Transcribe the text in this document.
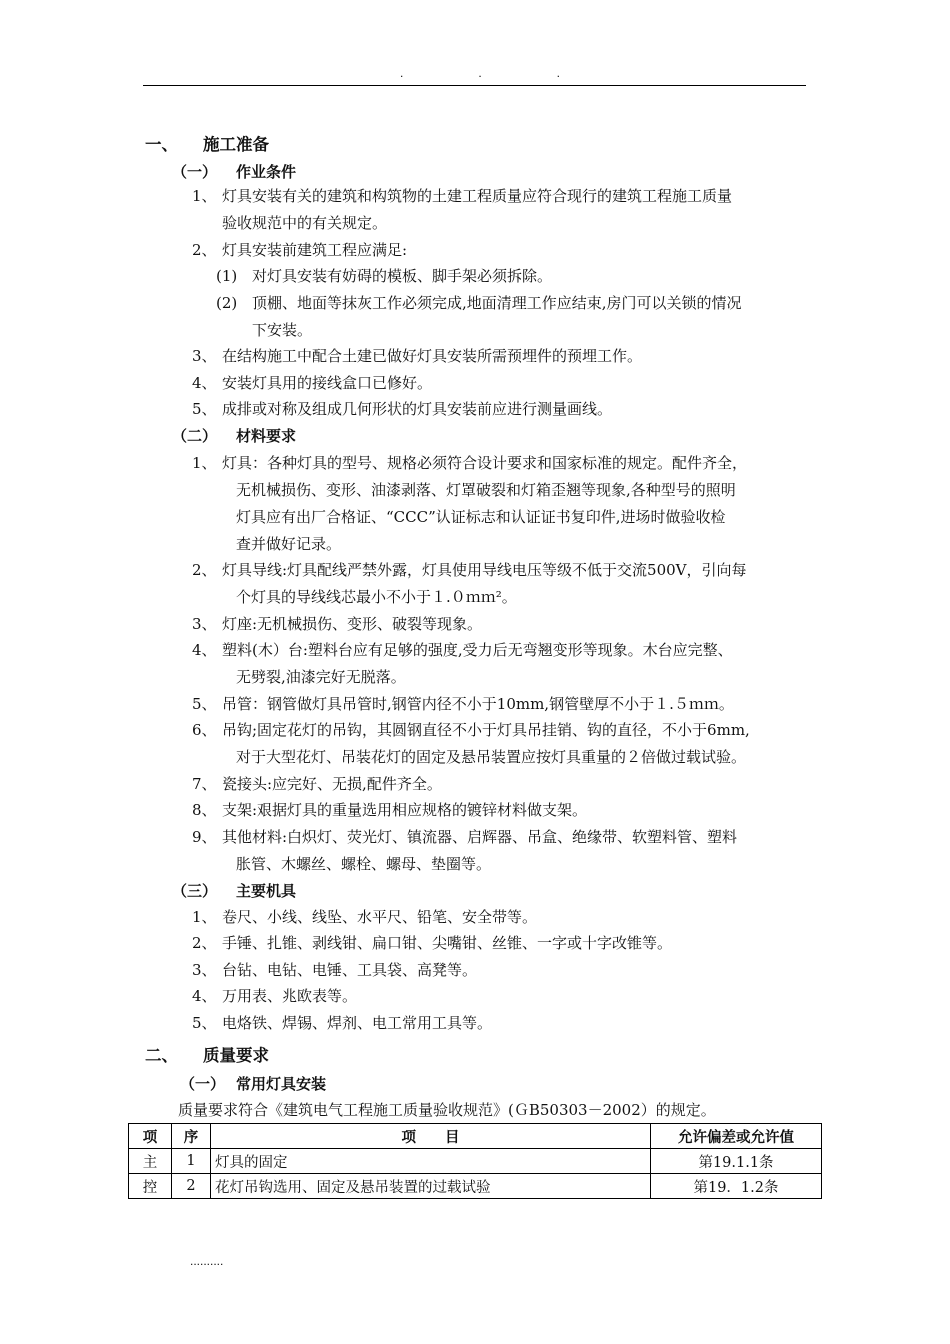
.	.	.
一、 施工准备
（一） 作业条件
1、 灯具安装有关的建筑和构筑物的土建工程质量应符合现行的建筑工程施工质量
验收规范中的有关规定。
2、 灯具安装前建筑工程应满足:
(1) 对灯具安装有妨碍的模板、脚手架必须拆除。
(2) 顶棚、地面等抹灰工作必须完成,地面清理工作应结束,房门可以关锁的情况
下安装。
3、 在结构施工中配合土建已做好灯具安装所需预埋件的预埋工作。
4、 安装灯具用的接线盒口已修好。
5、 成排或对称及组成几何形状的灯具安装前应进行测量画线。
（二） 材料要求
1、 灯具：各种灯具的型号、规格必须符合设计要求和国家标准的规定。配件齐全，
无机械损伤、变形、油漆剥落、灯罩破裂和灯箱歪翘等现象,各种型号的照明
灯具应有出厂合格证、“CCC”认证标志和认证证书复印件,进场时做验收检
查并做好记录。
2、 灯具导线:灯具配线严禁外露，灯具使用导线电压等级不低于交流500V，引向每
个灯具的导线线芯最小不小于１.０ｍｍ²。
3、 灯座:无机械损伤、变形、破裂等现象。
4、 塑料(木）台:塑料台应有足够的强度,受力后无弯翘变形等现象。木台应完整、
无劈裂,油漆完好无脱落。
5、 吊管：钢管做灯具吊管时,钢管内径不小于10mm,钢管壁厚不小于１.５ｍｍ。
6、 吊钩;固定花灯的吊钩，其圆钢直径不小于灯具吊挂销、钩的直径，不小于6mm,
对于大型花灯、吊装花灯的固定及悬吊装置应按灯具重量的２倍做过载试验。
7、 瓷接头:应完好、无损,配件齐全。
8、 支架:艰据灯具的重量选用相应规格的镀锌材料做支架。
9、 其他材料:白炽灯、荧光灯、镇流器、启辉器、吊盒、绝缘带、软塑料管、塑料
胀管、木螺丝、螺栓、螺母、垫圈等。
（三） 主要机具
1、 卷尺、小线、线坠、水平尺、铅笔、安全带等。
2、 手锤、扎锥、剥线钳、扁口钳、尖嘴钳、丝锥、一字或十字改锥等。
3、 台钻、电钻、电锤、工具袋、高凳等。
4、 万用表、兆欧表等。
5、 电烙铁、焊锡、焊剂、电工常用工具等。
二、 质量要求
（一） 常用灯具安装
质量要求符合《建筑电气工程施工质量验收规范》(ＧB50303－2002）的规定。
项	序	项　　目	允许偏差或允许值
主	1	灯具的固定	第19.1.1条
控	2	花灯吊钩选用、固定及悬吊装置的过载试验	第19．1.2条
..........
